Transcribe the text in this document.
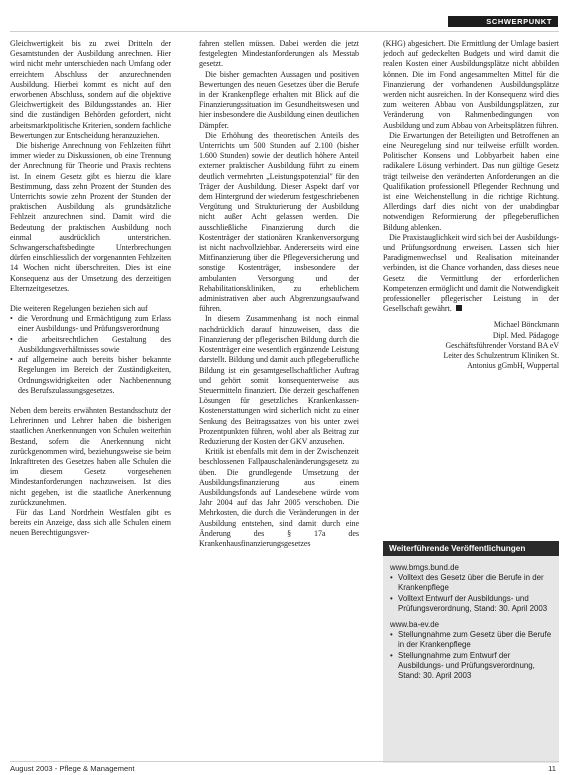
SCHWERPUNKT

Gleichwertigkeit bis zu zwei Dritteln der Gesamtstunden der Ausbildung anrechnen. Hier wird nicht mehr unterschieden nach Umfang oder erreichtem Abschluss der anzurechnenden Ausbildung. Hierbei kommt es nicht auf den erworbenen Abschluss, sondern auf die objektive Gleichwertigkeit des Bildungsstandes an. Hier sind die zuständigen Behörden gefordert, nicht arbeitsmarktpolitische Kriterien, sondern fachliche Bewertungen zur Entscheidung heranzuziehen.

Die bisherige Anrechnung von Fehlzeiten führt immer wieder zu Diskussionen, ob eine Trennung der Anrechnung für Theorie und Praxis rechtens ist. In einem Gesetz gibt es hierzu die klare Bestimmung, dass zehn Prozent der Stunden des Unterrichts sowie zehn Prozent der Stunden der praktischen Ausbildung als grundsätzliche Fehlzeit anzurechnen sind. Damit wird die Bedeutung der praktischen Ausbildung noch einmal ausdrücklich unterstrichen. Schwangerschaftsbedingte Unterbrechungen dürfen einschliesslich der vorgenannten Fehlzeiten 14 Wochen nicht überschreiten. Dies ist eine Konsequenz aus der Umsetzung des derzeitigen Elternzeitgesetzes.

Die weiteren Regelungen beziehen sich auf

• die Verordnung und Ermächtigung zum Erlass einer Ausbildungs- und Prüfungsverordnung
• die arbeitsrechtlichen Gestaltung des Ausbildungsverhältnisses sowie
• auf allgemeine auch bereits bisher bekannte Regelungen im Bereich der Zuständigkeiten, Ordnungswidrigkeiten oder Nachbenennung des Berufszulassungsgesetzes.

Neben dem bereits erwähnten Bestandsschutz der Lehrerinnen und Lehrer haben die bisherigen staatlichen Anerkennungen von Schulen weiterhin Bestand, sofern die Anerkennung nicht zurückgenommen wird, beziehungsweise sie beim Inkrafttreten des Gesetzes haben alle Schulen die im diesem Gesetz vorgesehenen Mindestanforderungen nachzuweisen. Ist dies nicht gegeben, ist die staatliche Anerkennung zurückzunehmen.

Für das Land Nordrhein Westfalen gibt es bereits ein Anzeige, dass sich alle Schulen einem neuen Berechtigungsver-

fahren stellen müssen. Dabei werden die jetzt festgelegten Mindestanforderungen als Messtab gesetzt.

Die bisher gemachten Aussagen und positiven Bewertungen des neuen Gesetzes über die Berufe in der Krankenpflege erhalten mit Blick auf die Finanzierungssituation im Gesundheitswesen und hier insbesondere die Ausbildung einen deutlichen Dämpfer.

Die Erhöhung des theoretischen Anteils des Unterrichts um 500 Stunden auf 2.100 (bisher 1.600 Stunden) sowie der deutlich höhere Anteil externer praktischer Ausbildung führt zu einem deutlich vermehrten „Leistungspotenzial" für den Träger der Ausbildung. Dieser Aspekt darf vor dem Hintergrund der wiederum festgeschriebenen Vergütung und Strukturierung der Ausbildung nicht außer Acht gelassen werden. Die ausschließliche Finanzierung durch die Kostenträger der stationären Krankenversorgung ist nicht nachvollziehbar. Andererseits wird eine Mitfinanzierung über die Pflegeversicherung und sonstige Kostenträger, insbesondere der ambulanten Versorgung und der Rehabilitationskliniken, zu erheblichem administrativen aber auch Abgrenzungsaufwand führen.

In diesem Zusammenhang ist noch einmal nachdrücklich darauf hinzuweisen, dass die Finanzierung der pflegerischen Bildung durch die Kostenträger eine wesentlich ergänzende Leistung darstellt. Bildung und damit auch pflegeberufliche Bildung ist ein gesamtgesellschaftlicher Auftrag und gehört somit konsequenterweise aus Steuermitteln finanziert. Die derzeit geschaffenen Lösungen für gesetzliches Krankenkassen-Kostenerstattungen wird sicherlich nicht zu einer Senkung des Beitragssatzes von bis unter zwei Prozentpunkten führen, wohl aber als Beitrag zur Reduzierung der Kosten der GKV anzusehen.

Kritik ist ebenfalls mit dem in der Zwischenzeit beschlossenen Fallpauschalenänderungsgesetz zu üben. Die grundlegende Umsetzung der Ausbildungsfinanzierung aus einem Ausbildungsfonds auf Landesebene würde vom Jahr 2004 auf das Jahr 2005 verschoben. Die Mehrkosten, die durch die Veränderungen in der Ausbildung entstehen, sind damit durch eine Änderung des § 17a des Krankenhausfinanzierungsgesetzes

(KHG) abgesichert. Die Ermittlung der Umlage basiert jedoch auf gedeckelten Budgets und wird damit die realen Kosten einer Ausbildungsplätze nicht abbilden können. Die im Fond angesammelten Mittel für die Finanzierung der vorhandenen Ausbildungsplätze werden nicht ausreichen. In der Konsequenz wird dies zum weiteren Abbau von Ausbildungsplätzen, zur Veränderung von Rahmenbedingungen von Ausbildung und zum Abbau von Arbeitsplätzen führen.

Die Erwartungen der Beteiligten und Betroffenen an eine Neuregelung sind nur teilweise erfüllt worden. Politischer Konsens und Lobbyarbeit haben eine radikalere Lösung verhindert. Das nun gültige Gesetz trägt teilweise den veränderten Anforderungen an die Qualifikation professionell Pflegender Rechnung und ist eine Weichenstellung in die richtige Richtung. Allerdings darf dies nicht von der unabdingbar notwendigen Reformierung der pflegeberuflichen Bildung ablenken.

Die Praxistauglichkeit wird sich bei der Ausbildungs- und Prüfungsordnung erweisen. Lassen sich hier Paradigmenwechsel und Realisation miteinander verbinden, ist die Chance vorhanden, dass dieses neue Gesetz die Vermittlung der erforderlichen Kompetenzen ermöglicht und damit die Notwendigkeit professioneller pflegerischer Leistung in der Gesellschaft gewährt.

Michael Bönckmann
Dipl. Med. Pädagoge
Geschäftsführender Vorstand BA eV
Leiter des Schulzentrum Kliniken St.
Antonius gGmbH, Wuppertal
Weiterführende Veröffentlichungen
www.bmgs.bund.de
• Volltext des Gesetz über die Berufe in der Krankenpflege
• Volltext Entwurf der Ausbildungs- und Prüfungsverordnung, Stand: 30. April 2003
www.ba-ev.de
• Stellungnahme zum Gesetz über die Berufe in der Krankenpflege
• Stellungnahme zum Entwurf der Ausbildungs- und Prüfungsverordnung, Stand: 30. April 2003
August 2003 - Pflege & Management	11
